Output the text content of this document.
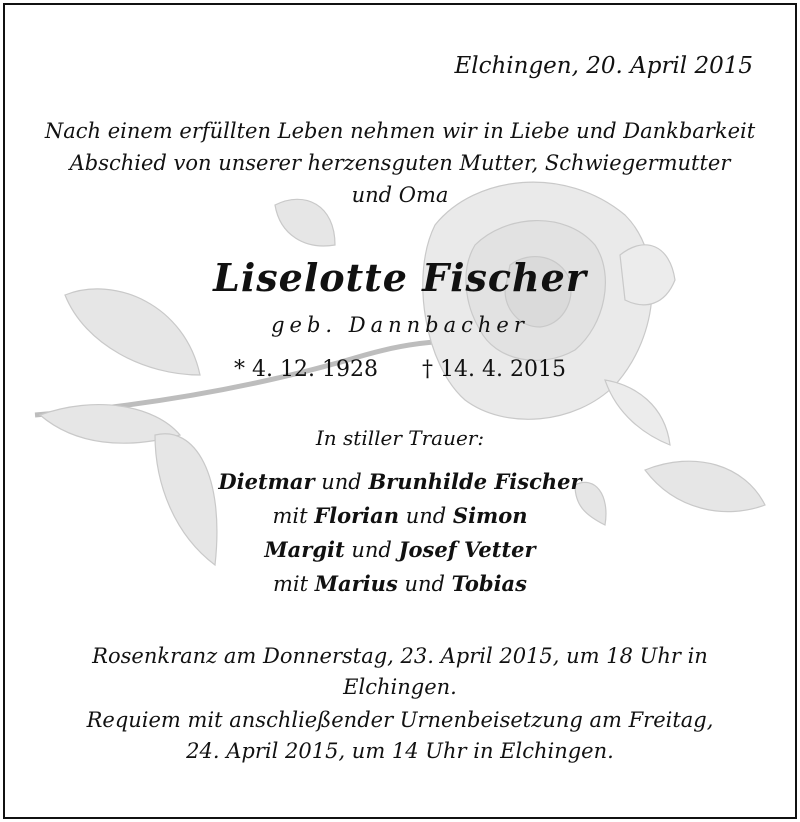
Elchingen, 20. April 2015
Nach einem erfüllten Leben nehmen wir in Liebe und Dankbarkeit
Abschied von unserer herzensguten Mutter, Schwiegermutter
und Oma
Liselotte Fischer
geb. Dannbacher
* 4. 12. 1928 † 14. 4. 2015
In stiller Trauer:
Dietmar und Brunhilde Fischer
mit Florian und Simon
Margit und Josef Vetter
mit Marius und Tobias
Rosenkranz am Donnerstag, 23. April 2015, um 18 Uhr in
Elchingen.
Requiem mit anschließender Urnenbeisetzung am Freitag,
24. April 2015, um 14 Uhr in Elchingen.
